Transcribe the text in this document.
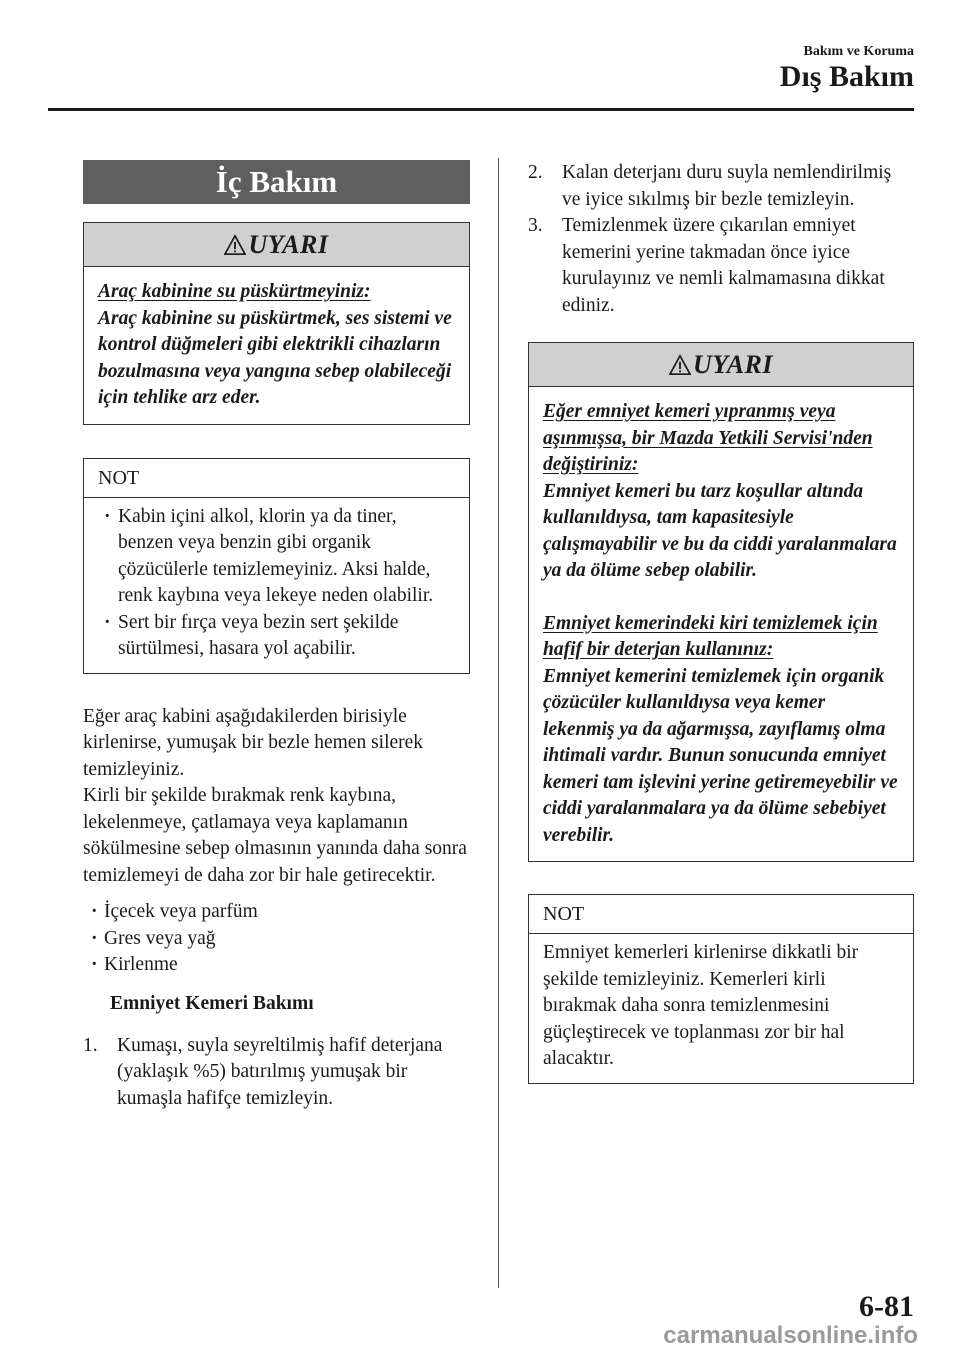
Bakım ve Koruma
Dış Bakım
İç Bakım
UYARI
Araç kabinine su püskürtmeyiniz:
Araç kabinine su püskürtmek, ses sistemi ve kontrol düğmeleri gibi elektrikli cihazların bozulmasına veya yangına sebep olabileceği için tehlike arz eder.
NOT
· Kabin içini alkol, klorin ya da tiner, benzen veya benzin gibi organik çözücülerle temizlemeyiniz. Aksi halde, renk kaybına veya lekeye neden olabilir.
· Sert bir fırça veya bezin sert şekilde sürtülmesi, hasara yol açabilir.
Eğer araç kabini aşağıdakilerden birisiyle kirlenirse, yumuşak bir bezle hemen silerek temizleyiniz.
Kirli bir şekilde bırakmak renk kaybına, lekelenmeye, çatlamaya veya kaplamanın sökülmesine sebep olmasının yanında daha sonra temizlemeyi de daha zor bir hale getirecektir.
· İçecek veya parfüm
· Gres veya yağ
· Kirlenme
Emniyet Kemeri Bakımı
1. Kumaşı, suyla seyreltilmiş hafif deterjana (yaklaşık %5) batırılmış yumuşak bir kumaşla hafifçe temizleyin.
2. Kalan deterjanı duru suyla nemlendirilmiş ve iyice sıkılmış bir bezle temizleyin.
3. Temizlenmek üzere çıkarılan emniyet kemerini yerine takmadan önce iyice kurulayınız ve nemli kalmamasına dikkat ediniz.
UYARI
Eğer emniyet kemeri yıpranmış veya aşınmışsa, bir Mazda Yetkili Servisi'nden değiştiriniz:
Emniyet kemeri bu tarz koşullar altında kullanıldıysa, tam kapasitesiyle çalışmayabilir ve bu da ciddi yaralanmalara ya da ölüme sebep olabilir.
Emniyet kemerindeki kiri temizlemek için hafif bir deterjan kullanınız:
Emniyet kemerini temizlemek için organik çözücüler kullanıldıysa veya kemer lekenmiş ya da ağarmışsa, zayıflamış olma ihtimali vardır. Bunun sonucunda emniyet kemeri tam işlevini yerine getiremeyebilir ve ciddi yaralanmalara ya da ölüme sebebiyet verebilir.
NOT
Emniyet kemerleri kirlenirse dikkatli bir şekilde temizleyiniz. Kemerleri kirli bırakmak daha sonra temizlenmesini güçleştirecek ve toplanması zor bir hal alacaktır.
6-81
carmanualsonline.info
